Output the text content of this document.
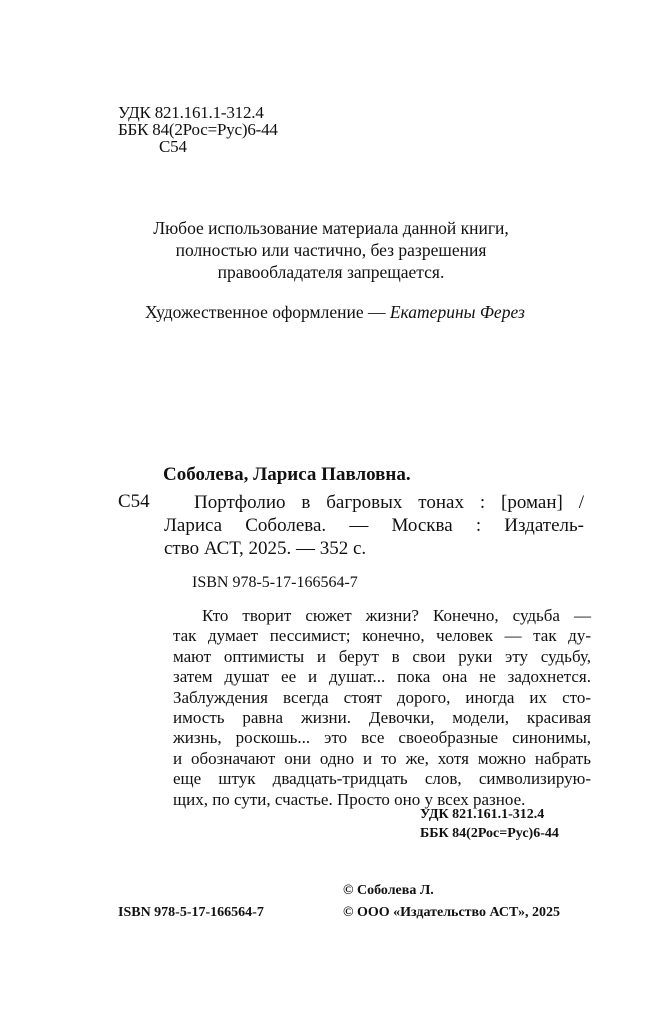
УДК 821.161.1-312.4
ББК 84(2Рос=Рус)6-44
С54
Любое использование материала данной книги,
полностью или частично, без разрешения
правообладателя запрещается.
Художественное оформление — Екатерины Ферез
Соболева, Лариса Павловна.
С54	Портфолио в багровых тонах : [роман] /
Лариса Соболева. — Москва : Издатель-
ство АСТ, 2025. — 352 с.
ISBN 978-5-17-166564-7
Кто творит сюжет жизни? Конечно, судьба —
так думает пессимист; конечно, человек — так ду-
мают оптимисты и берут в свои руки эту судьбу,
затем душат ее и душат... пока она не задохнется.
Заблуждения всегда стоят дорого, иногда их сто-
имость равна жизни. Девочки, модели, красивая
жизнь, роскошь... это все своеобразные синонимы,
и обозначают они одно и то же, хотя можно набрать
еще штук двадцать-тридцать слов, символизирую-
щих, по сути, счастье. Просто оно у всех разное.
УДК 821.161.1-312.4
ББК 84(2Рос=Рус)6-44
© Соболева Л.
ISBN 978-5-17-166564-7	© ООО «Издательство АСТ», 2025
